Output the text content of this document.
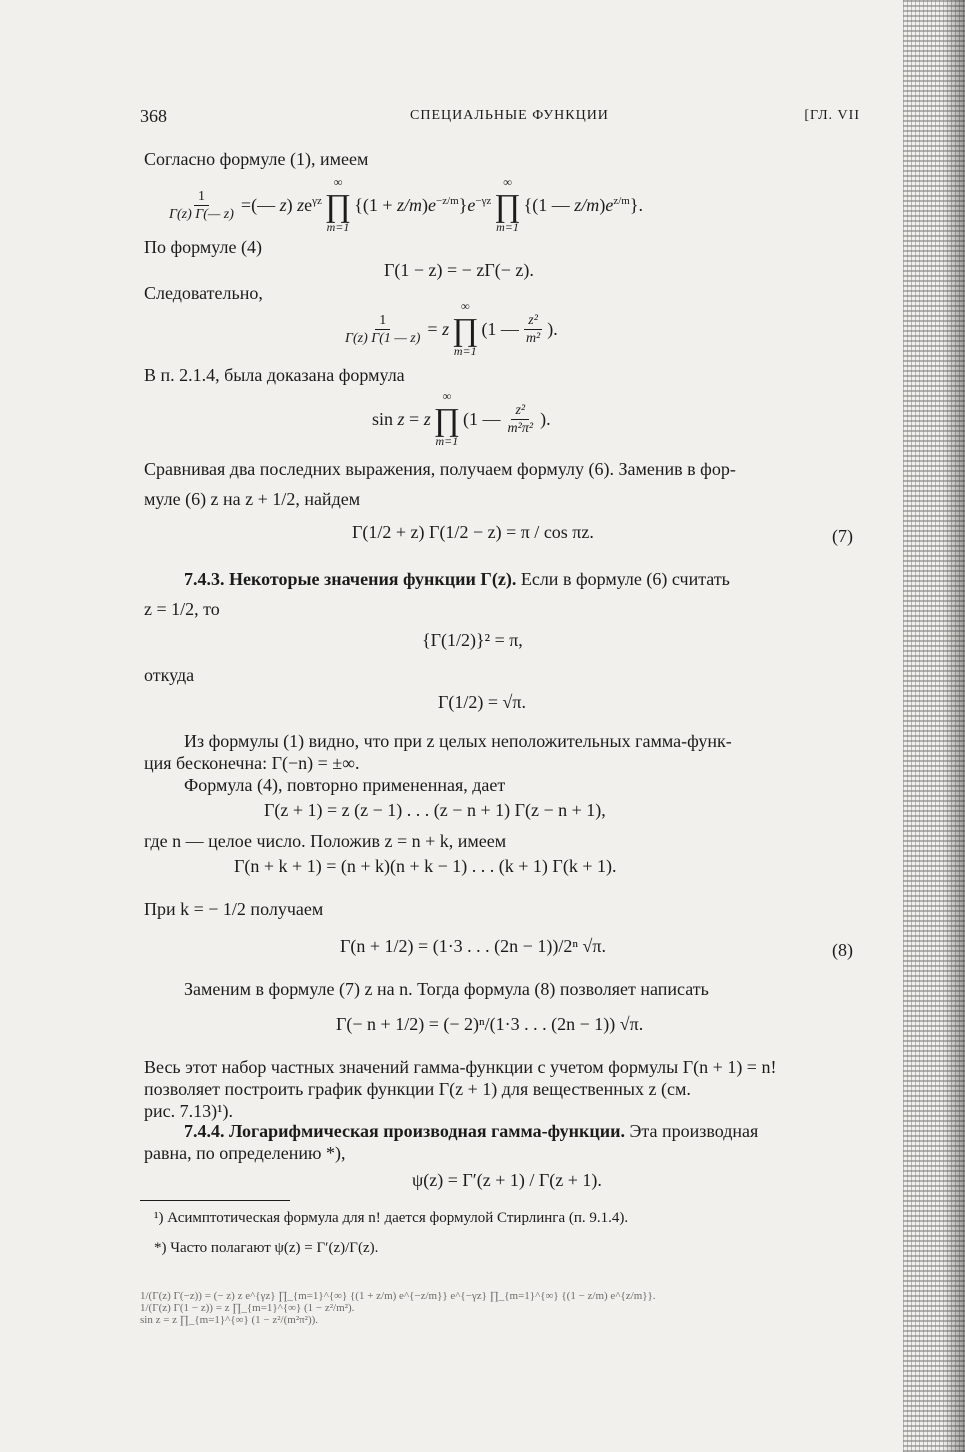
368	СПЕЦИАЛЬНЫЕ ФУНКЦИИ	[ГЛ. VII
Согласно формуле (1), имеем
$\frac{1}{\Gamma(z) \Gamma(— z)}$ =(— z) $ze^{\gamma z}$
∞
∏
m=1
$\{(1 + z/m)e^{-z/m}\}e^{-\gamma z}$
∞
∏
m=1
{(1 — $z/m)e^{z/m}$}.
По формуле (4)
Γ(1 − z) = − zΓ(− z).
Следовательно,
$\frac{1}{\Gamma(z) \Gamma(1 — z)} = z$
∞
∏
m=1
(1 — $\frac{\text{z²}}{\text{m²}}$ ).
В п. 2.1.4, была доказана формула
sin z = z
∞
∏
m=1
(1 — $\frac{\text{z²}}{\text{m²π²}}$ ).
Сравнивая два последних выражения, получаем формулу (6). Заменив в фор-
муле (6) z на z + 1/2, найдем
Γ(1/2 + z) Γ(1/2 − z) = π / cos πz.	(7)
7.4.3. Некоторые значения функции Γ(z). Если в формуле (6) считать
z = 1/2, то
{Γ(1/2)}² = π,
откуда
Γ(1/2) = √π.
Из формулы (1) видно, что при z целых неположительных гамма-функ-
ция бесконечна: Γ(−n) = ±∞.
Формула (4), повторно примененная, дает
Γ(z + 1) = z (z − 1) . . . (z − n + 1) Γ(z − n + 1),
где n — целое число. Положив z = n + k, имеем
Γ(n + k + 1) = (n + k)(n + k − 1) . . . (k + 1) Γ(k + 1).
При k = − 1/2 получаем
Γ(n + 1/2) = (1·3 . . . (2n − 1))/2ⁿ √π.	(8)
Заменим в формуле (7) z на n. Тогда формула (8) позволяет написать
Γ(− n + 1/2) = (− 2)ⁿ/(1·3 . . . (2n − 1)) √π.
Весь этот набор частных значений гамма-функции с учетом формулы Γ(n + 1) = n!
позволяет построить график функции Γ(z + 1) для вещественных z (см.
рис. 7.13)¹).
7.4.4. Логарифмическая производная гамма-функции. Эта производная
равна, по определению *),
ψ(z) = Γ′(z + 1) / Γ(z + 1).
¹) Асимптотическая формула для n! дается формулой Стирлинга (п. 9.1.4).
*) Часто полагают ψ(z) = Γ′(z)/Γ(z).
1/(Γ(z) Γ(−z)) = (− z) z e^{γz} ∏_{m=1}^{∞} {(1 + z/m) e^{−z/m}} e^{−γz} ∏_{m=1}^{∞} {(1 − z/m) e^{z/m}}.
1/(Γ(z) Γ(1 − z)) = z ∏_{m=1}^{∞} (1 − z²/m²).
sin z = z ∏_{m=1}^{∞} (1 − z²/(m²π²)).
